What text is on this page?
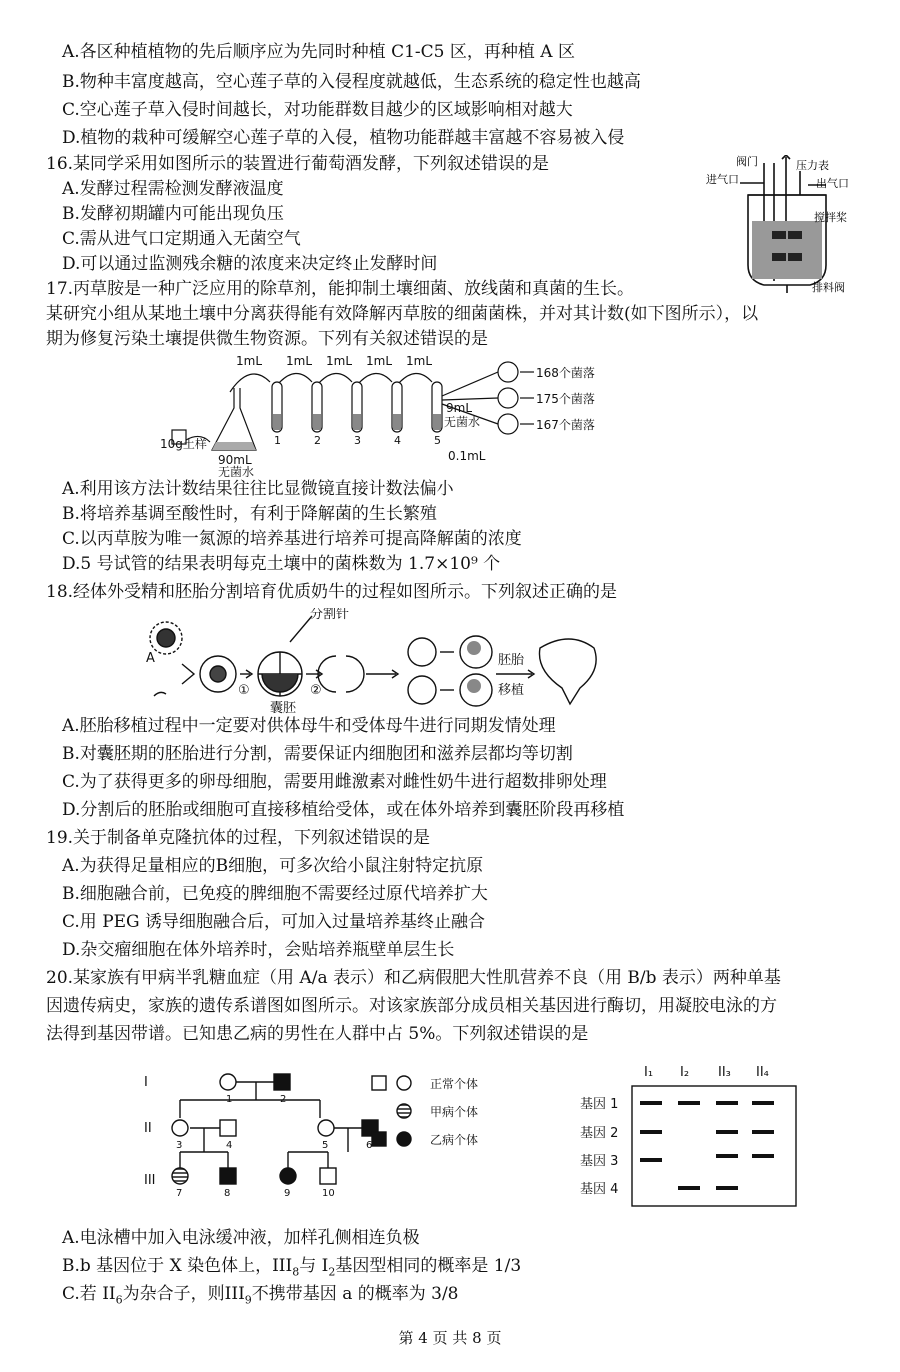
A.各区种植植物的先后顺序应为先同时种植 C1-C5 区，再种植 A 区
B.物种丰富度越高，空心莲子草的入侵程度就越低，生态系统的稳定性也越高
C.空心莲子草入侵时间越长，对功能群数目越少的区域影响相对越大
D.植物的栽种可缓解空心莲子草的入侵，植物功能群越丰富越不容易被入侵
16.某同学采用如图所示的装置进行葡萄酒发酵，下列叙述错误的是
A.发酵过程需检测发酵液温度
B.发酵初期罐内可能出现负压
C.需从进气口定期通入无菌空气
D.可以通过监测残余糖的浓度来决定终止发酵时间
阀门	压力表
进气口	出气口
搅拌桨
排料阀
17.丙草胺是一种广泛应用的除草剂，能抑制土壤细菌、放线菌和真菌的生长。
某研究小组从某地土壤中分离获得能有效降解丙草胺的细菌菌株，并对其计数(如下图所示），以
期为修复污染土壤提供微生物资源。下列有关叙述错误的是
1mL 1mL 1mL 1mL 1mL
1	2	3	4	5
10g土样
90mL
无菌水
9mL
无菌水
0.1mL
168个菌落
175个菌落
167个菌落
A.利用该方法计数结果往往比显微镜直接计数法偏小
B.将培养基调至酸性时，有利于降解菌的生长繁殖
C.以丙草胺为唯一氮源的培养基进行培养可提高降解菌的浓度
D.5 号试管的结果表明每克土壤中的菌株数为 1.7×10⁹ 个
18.经体外受精和胚胎分割培育优质奶牛的过程如图所示。下列叙述正确的是
A
分割针
囊胚
①	②
胚胎
移植
A.胚胎移植过程中一定要对供体母牛和受体母牛进行同期发情处理
B.对囊胚期的胚胎进行分割，需要保证内细胞团和滋养层都均等切割
C.为了获得更多的卵母细胞，需要用雌激素对雌性奶牛进行超数排卵处理
D.分割后的胚胎或细胞可直接移植给受体，或在体外培养到囊胚阶段再移植
19.关于制备单克隆抗体的过程，下列叙述错误的是
A.为获得足量相应的B细胞，可多次给小鼠注射特定抗原
B.细胞融合前，已免疫的脾细胞不需要经过原代培养扩大
C.用 PEG 诱导细胞融合后，可加入过量培养基终止融合
D.杂交瘤细胞在体外培养时，会贴培养瓶壁单层生长
20.某家族有甲病半乳糖血症（用 A/a 表示）和乙病假肥大性肌营养不良（用 B/b 表示）两种单基
因遗传病史，家族的遗传系谱图如图所示。对该家族部分成员相关基因进行酶切，用凝胶电泳的方
法得到基因带谱。已知患乙病的男性在人群中占 5%。下列叙述错误的是
I
II
III
1	2
3	4	5	6
7	8	9	10
正常个体
甲病个体
乙病个体
I₁ I₂ II₃ II₄
基因 1
基因 2
基因 3
基因 4
A.电泳槽中加入电泳缓冲液，加样孔侧相连负极
B.b 基因位于 X 染色体上，$III_8$与 $I_2$基因型相同的概率是 1/3
C.若 $II_6$为杂合子，则$III_9$不携带基因 a 的概率为 3/8
第 4 页 共 8 页
